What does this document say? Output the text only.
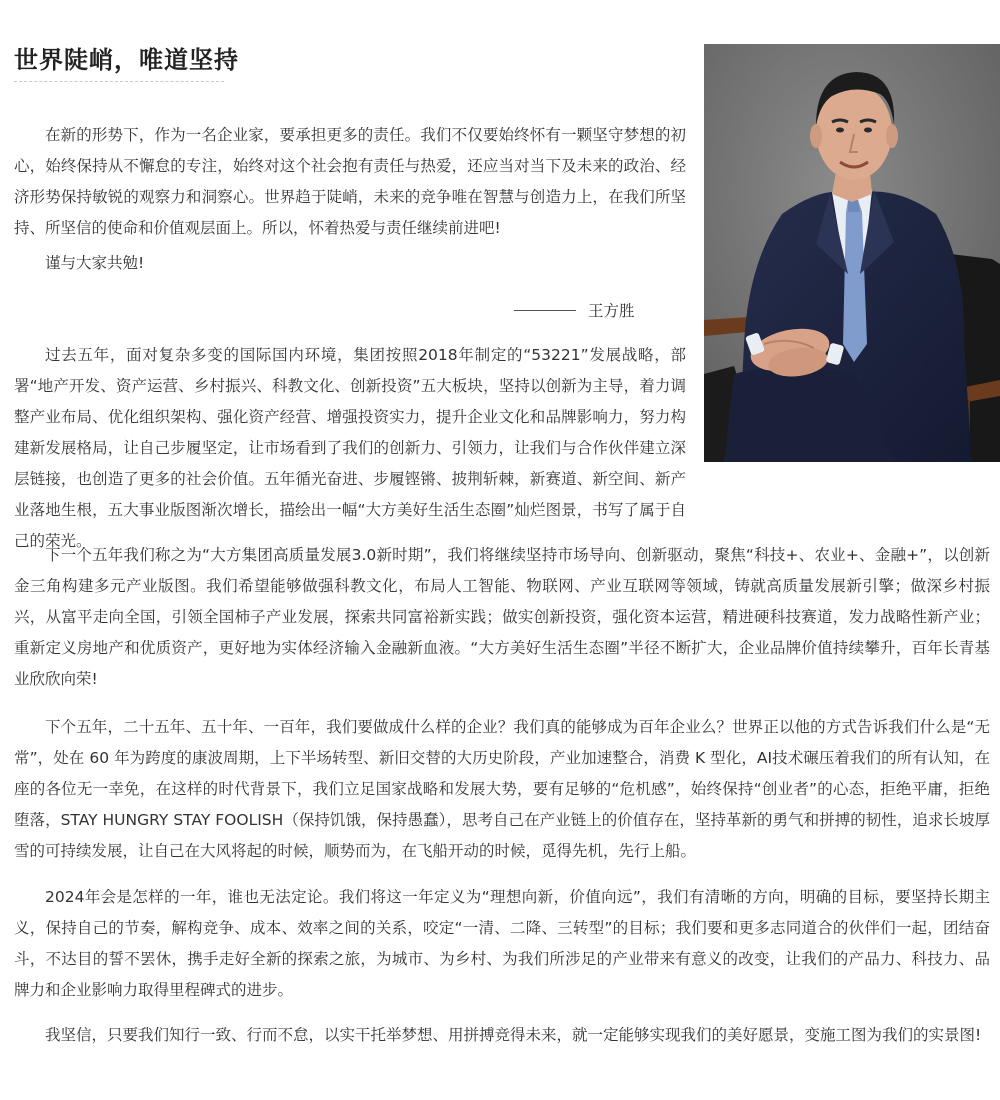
世界陡峭，唯道坚持

在新的形势下，作为一名企业家，要承担更多的责任。我们不仅要始终怀有一颗坚守梦想的初心，始终保持从不懈怠的专注，始终对这个社会抱有责任与热爱，还应当对当下及未来的政治、经济形势保持敏锐的观察力和洞察心。世界趋于陡峭，未来的竞争唯在智慧与创造力上，在我们所坚持、所坚信的使命和价值观层面上。所以，怀着热爱与责任继续前进吧!

谨与大家共勉!

王方胜

过去五年，面对复杂多变的国际国内环境，集团按照2018年制定的“53221”发展战略，部署“地产开发、资产运营、乡村振兴、科教文化、创新投资”五大板块，坚持以创新为主导，着力调整产业布局、优化组织架构、强化资产经营、增强投资实力，提升企业文化和品牌影响力，努力构建新发展格局，让自己步履坚定，让市场看到了我们的创新力、引领力，让我们与合作伙伴建立深层链接，也创造了更多的社会价值。五年循光奋进、步履铿锵、披荆斩棘，新赛道、新空间、新产业落地生根，五大事业版图渐次增长，描绘出一幅“大方美好生活生态圈”灿烂图景，书写了属于自己的荣光。

下一个五年我们称之为“大方集团高质量发展3.0新时期”，我们将继续坚持市场导向、创新驱动，聚焦“科技+、农业+、金融+”，以创新金三角构建多元产业版图。我们希望能够做强科教文化，布局人工智能、物联网、产业互联网等领域，铸就高质量发展新引擎；做深乡村振兴，从富平走向全国，引领全国柿子产业发展，探索共同富裕新实践；做实创新投资，强化资本运营，精进硬科技赛道，发力战略性新产业；重新定义房地产和优质资产，更好地为实体经济输入金融新血液。“大方美好生活生态圈”半径不断扩大，企业品牌价值持续攀升，百年长青基业欣欣向荣!

下个五年，二十五年、五十年、一百年，我们要做成什么样的企业？我们真的能够成为百年企业么？世界正以他的方式告诉我们什么是“无常”，处在 60 年为跨度的康波周期，上下半场转型、新旧交替的大历史阶段，产业加速整合，消费 K 型化，AI技术碾压着我们的所有认知，在座的各位无一幸免，在这样的时代背景下，我们立足国家战略和发展大势，要有足够的“危机感”，始终保持“创业者”的心态，拒绝平庸，拒绝堕落，STAY HUNGRY STAY FOOLISH（保持饥饿，保持愚蠢），思考自己在产业链上的价值存在，坚持革新的勇气和拼搏的韧性，追求长坡厚雪的可持续发展，让自己在大风将起的时候，顺势而为，在飞船开动的时候，觅得先机，先行上船。

2024年会是怎样的一年，谁也无法定论。我们将这一年定义为“理想向新，价值向远”，我们有清晰的方向，明确的目标，要坚持长期主义，保持自己的节奏，解构竞争、成本、效率之间的关系，咬定“一清、二降、三转型”的目标；我们要和更多志同道合的伙伴们一起，团结奋斗，不达目的誓不罢休，携手走好全新的探索之旅，为城市、为乡村、为我们所涉足的产业带来有意义的改变，让我们的产品力、科技力、品牌力和企业影响力取得里程碑式的进步。

我坚信，只要我们知行一致、行而不怠，以实干托举梦想、用拼搏竞得未来，就一定能够实现我们的美好愿景，变施工图为我们的实景图!
